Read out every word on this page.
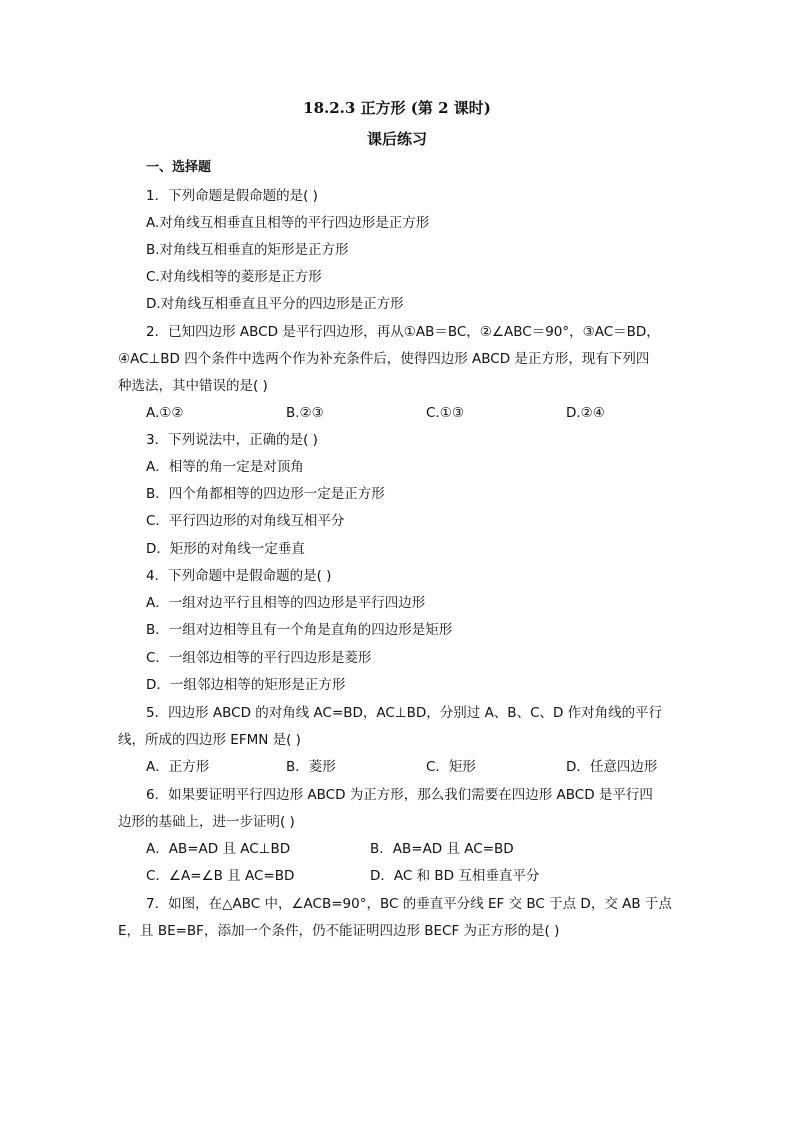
18.2.3 正方形 (第 2 课时)
课后练习
一、选择题
1．下列命题是假命题的是( )
A.对角线互相垂直且相等的平行四边形是正方形
B.对角线互相垂直的矩形是正方形
C.对角线相等的菱形是正方形
D.对角线互相垂直且平分的四边形是正方形
2．已知四边形 ABCD 是平行四边形，再从①AB＝BC，②∠ABC＝90°，③AC＝BD，
④AC⊥BD 四个条件中选两个作为补充条件后，使得四边形 ABCD 是正方形，现有下列四
种选法，其中错误的是( )
A.①②	B.②③	C.①③	D.②④
3．下列说法中，正确的是( )
A．相等的角一定是对顶角
B．四个角都相等的四边形一定是正方形
C．平行四边形的对角线互相平分
D．矩形的对角线一定垂直
4．下列命题中是假命题的是( )
A．一组对边平行且相等的四边形是平行四边形
B．一组对边相等且有一个角是直角的四边形是矩形
C．一组邻边相等的平行四边形是菱形
D．一组邻边相等的矩形是正方形
5．四边形 ABCD 的对角线 AC=BD，AC⊥BD，分别过 A、B、C、D 作对角线的平行
线，所成的四边形 EFMN 是( )
A．正方形	B．菱形	C．矩形	D．任意四边形
6．如果要证明平行四边形 ABCD 为正方形，那么我们需要在四边形 ABCD 是平行四
边形的基础上，进一步证明( )
A．AB=AD 且 AC⊥BD	B．AB=AD 且 AC=BD
C．∠A=∠B 且 AC=BD	D．AC 和 BD 互相垂直平分
7．如图，在△ABC 中，∠ACB=90°，BC 的垂直平分线 EF 交 BC 于点 D，交 AB 于点
E，且 BE=BF，添加一个条件，仍不能证明四边形 BECF 为正方形的是( )
